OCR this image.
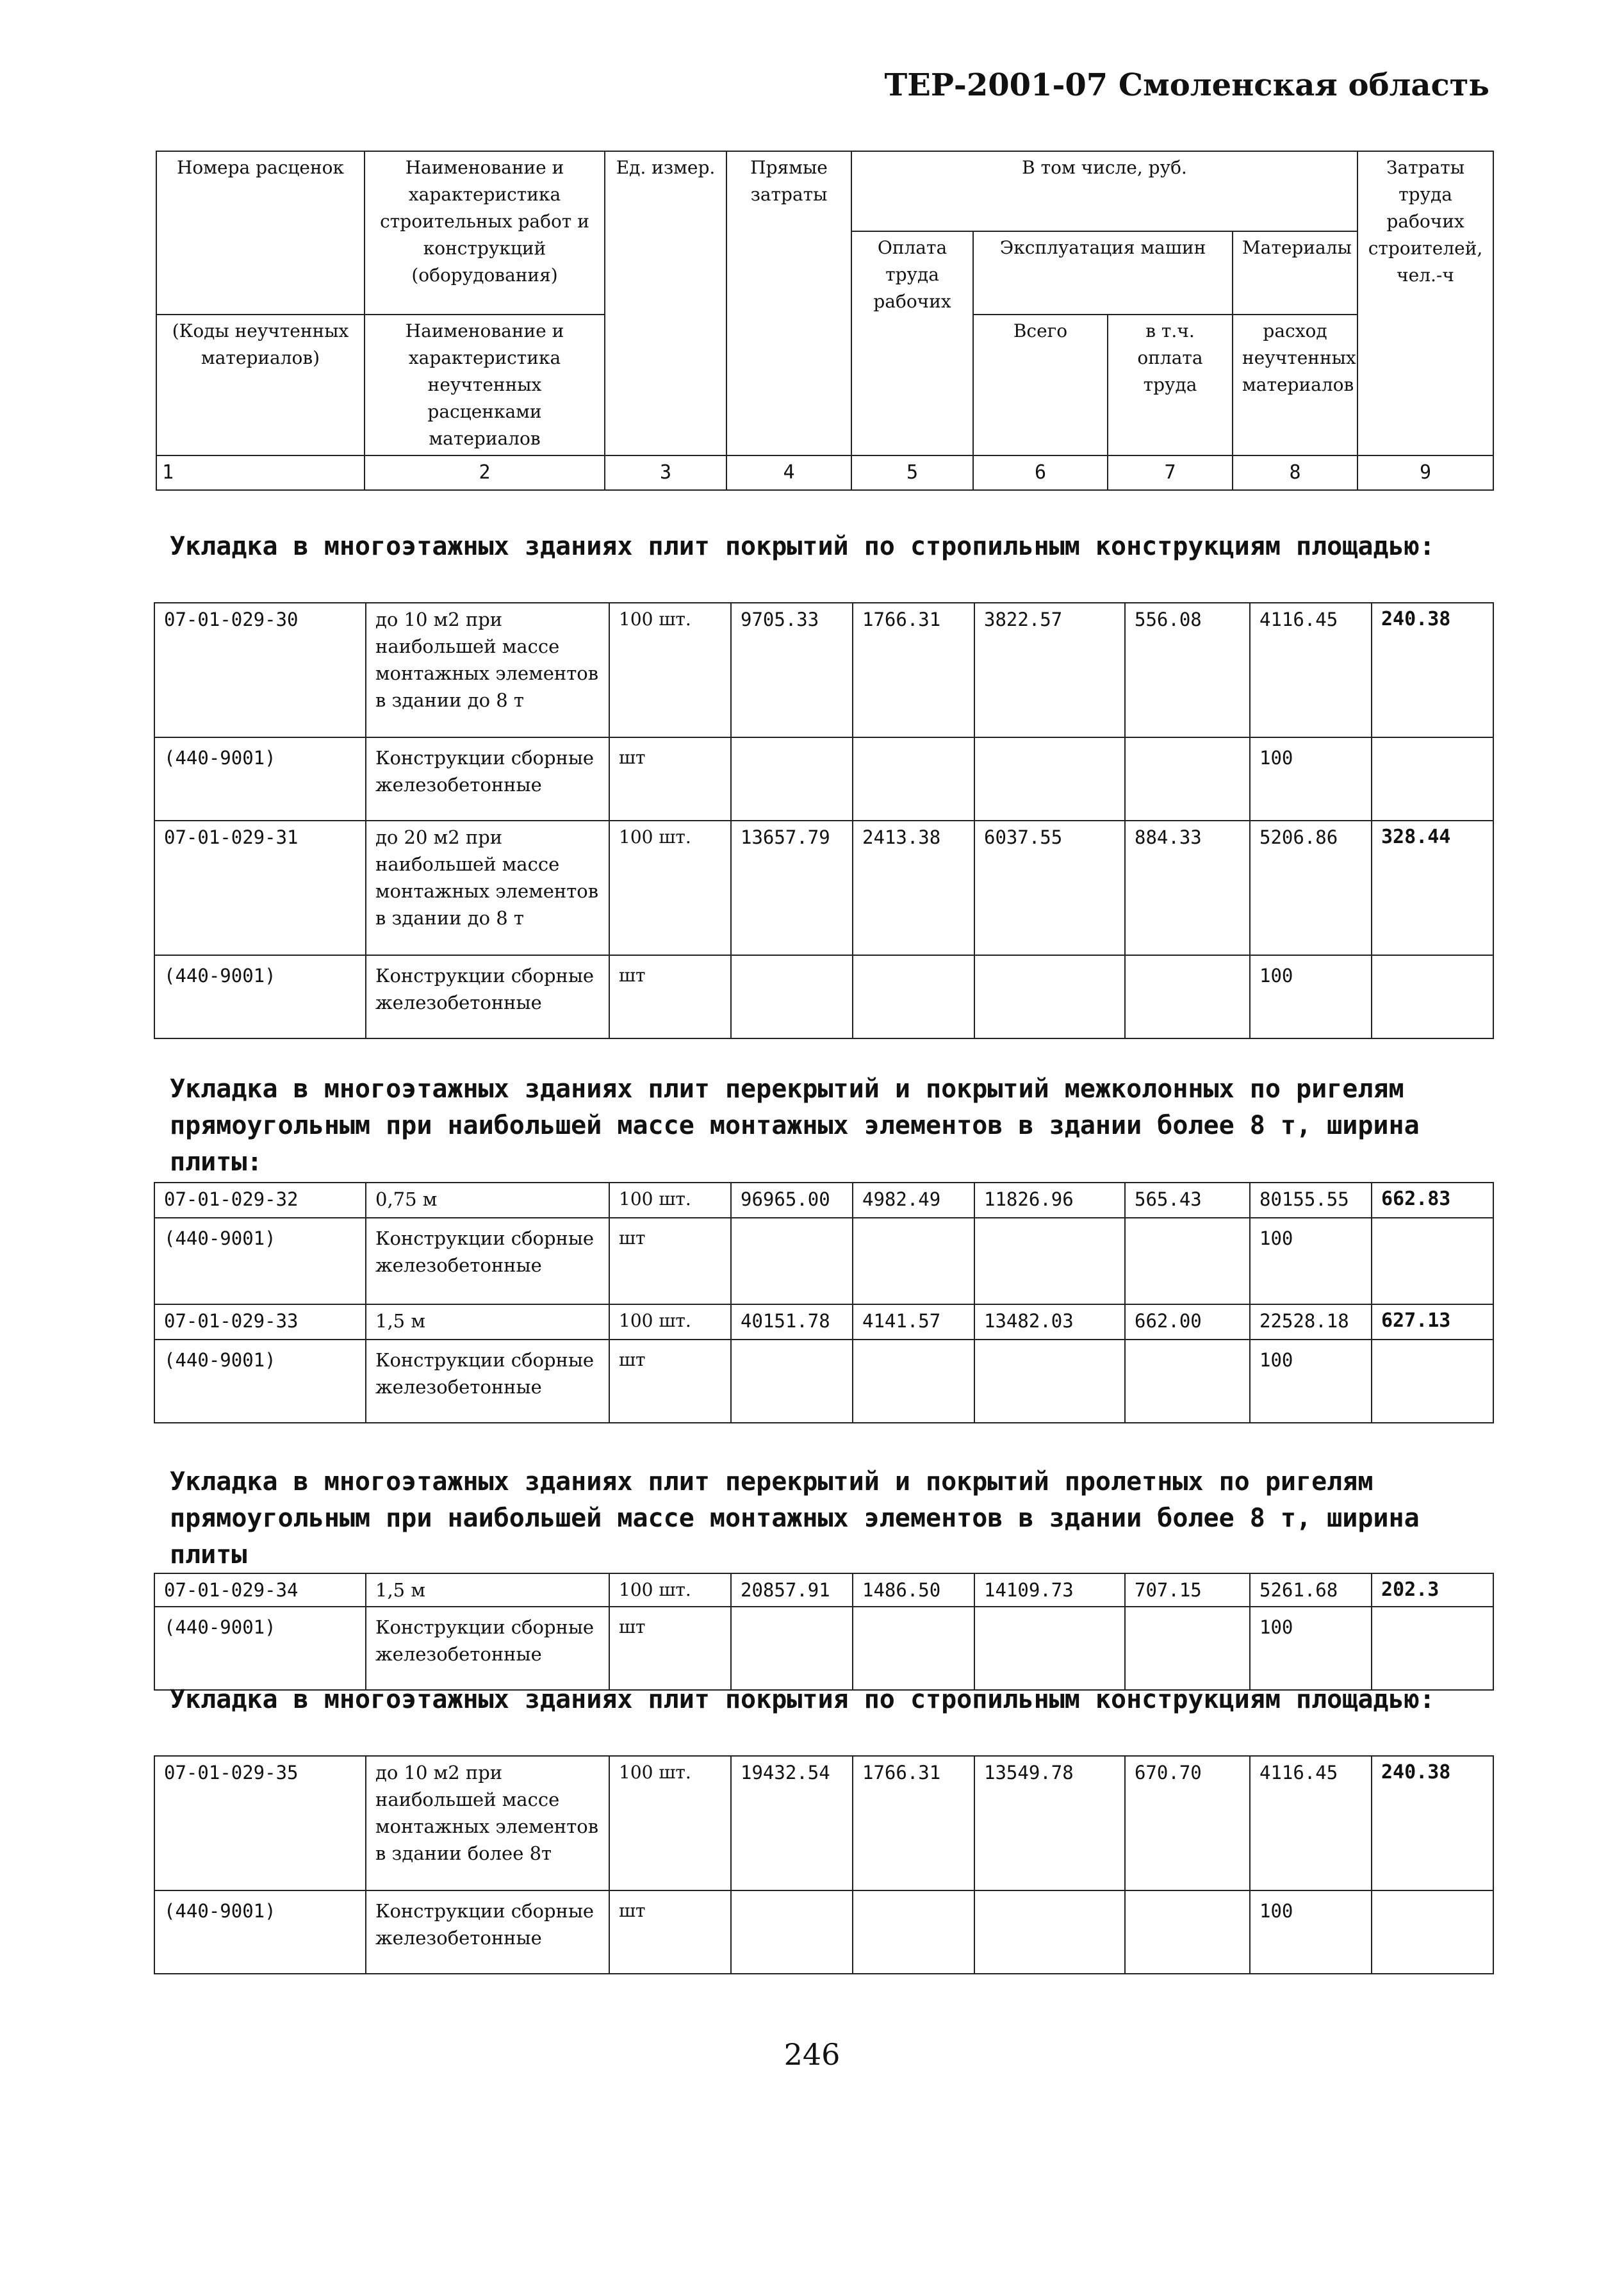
ТЕР-2001-07 Смоленская область
Номера расценок	Наименование и характеристика строительных работ и конструкций (оборудования)	Ед. измер.	Прямые затраты	В том числе, руб.				Затраты труда рабочих строителей, чел.-ч
				Оплата труда рабочих	Эксплуатация машин		Материалы	
(Коды неучтенных материалов)	Наименование и характеристика неучтенных расценками материалов				Всего	в т.ч. оплата труда	расход неучтенных материалов	
1	2	3	4	5	6	7	8	9
Укладка в многоэтажных зданиях плит покрытий по стропильным конструкциям площадью:
07-01-029-30	до 10 м2 при наибольшей массе монтажных элементов в здании до 8 т	100 шт.	9705.33	1766.31	3822.57	556.08	4116.45	240.38
(440-9001)	Конструкции сборные железобетонные	шт					100	
07-01-029-31	до 20 м2 при наибольшей массе монтажных элементов в здании до 8 т	100 шт.	13657.79	2413.38	6037.55	884.33	5206.86	328.44
(440-9001)	Конструкции сборные железобетонные	шт					100	
Укладка в многоэтажных зданиях плит перекрытий и покрытий межколонных по ригелям прямоугольным при наибольшей массе монтажных элементов в здании более 8 т, ширина плиты:
07-01-029-32	0,75 м	100 шт.	96965.00	4982.49	11826.96	565.43	80155.55	662.83
(440-9001)	Конструкции сборные железобетонные	шт					100	
07-01-029-33	1,5 м	100 шт.	40151.78	4141.57	13482.03	662.00	22528.18	627.13
(440-9001)	Конструкции сборные железобетонные	шт					100	
Укладка в многоэтажных зданиях плит перекрытий и покрытий пролетных по ригелям прямоугольным при наибольшей массе монтажных элементов в здании более 8 т, ширина плиты
07-01-029-34	1,5 м	100 шт.	20857.91	1486.50	14109.73	707.15	5261.68	202.3
(440-9001)	Конструкции сборные железобетонные	шт					100	
Укладка в многоэтажных зданиях плит покрытия по стропильным конструкциям площадью:
07-01-029-35	до 10 м2 при наибольшей массе монтажных элементов в здании более 8т	100 шт.	19432.54	1766.31	13549.78	670.70	4116.45	240.38
(440-9001)	Конструкции сборные железобетонные	шт					100	
246
